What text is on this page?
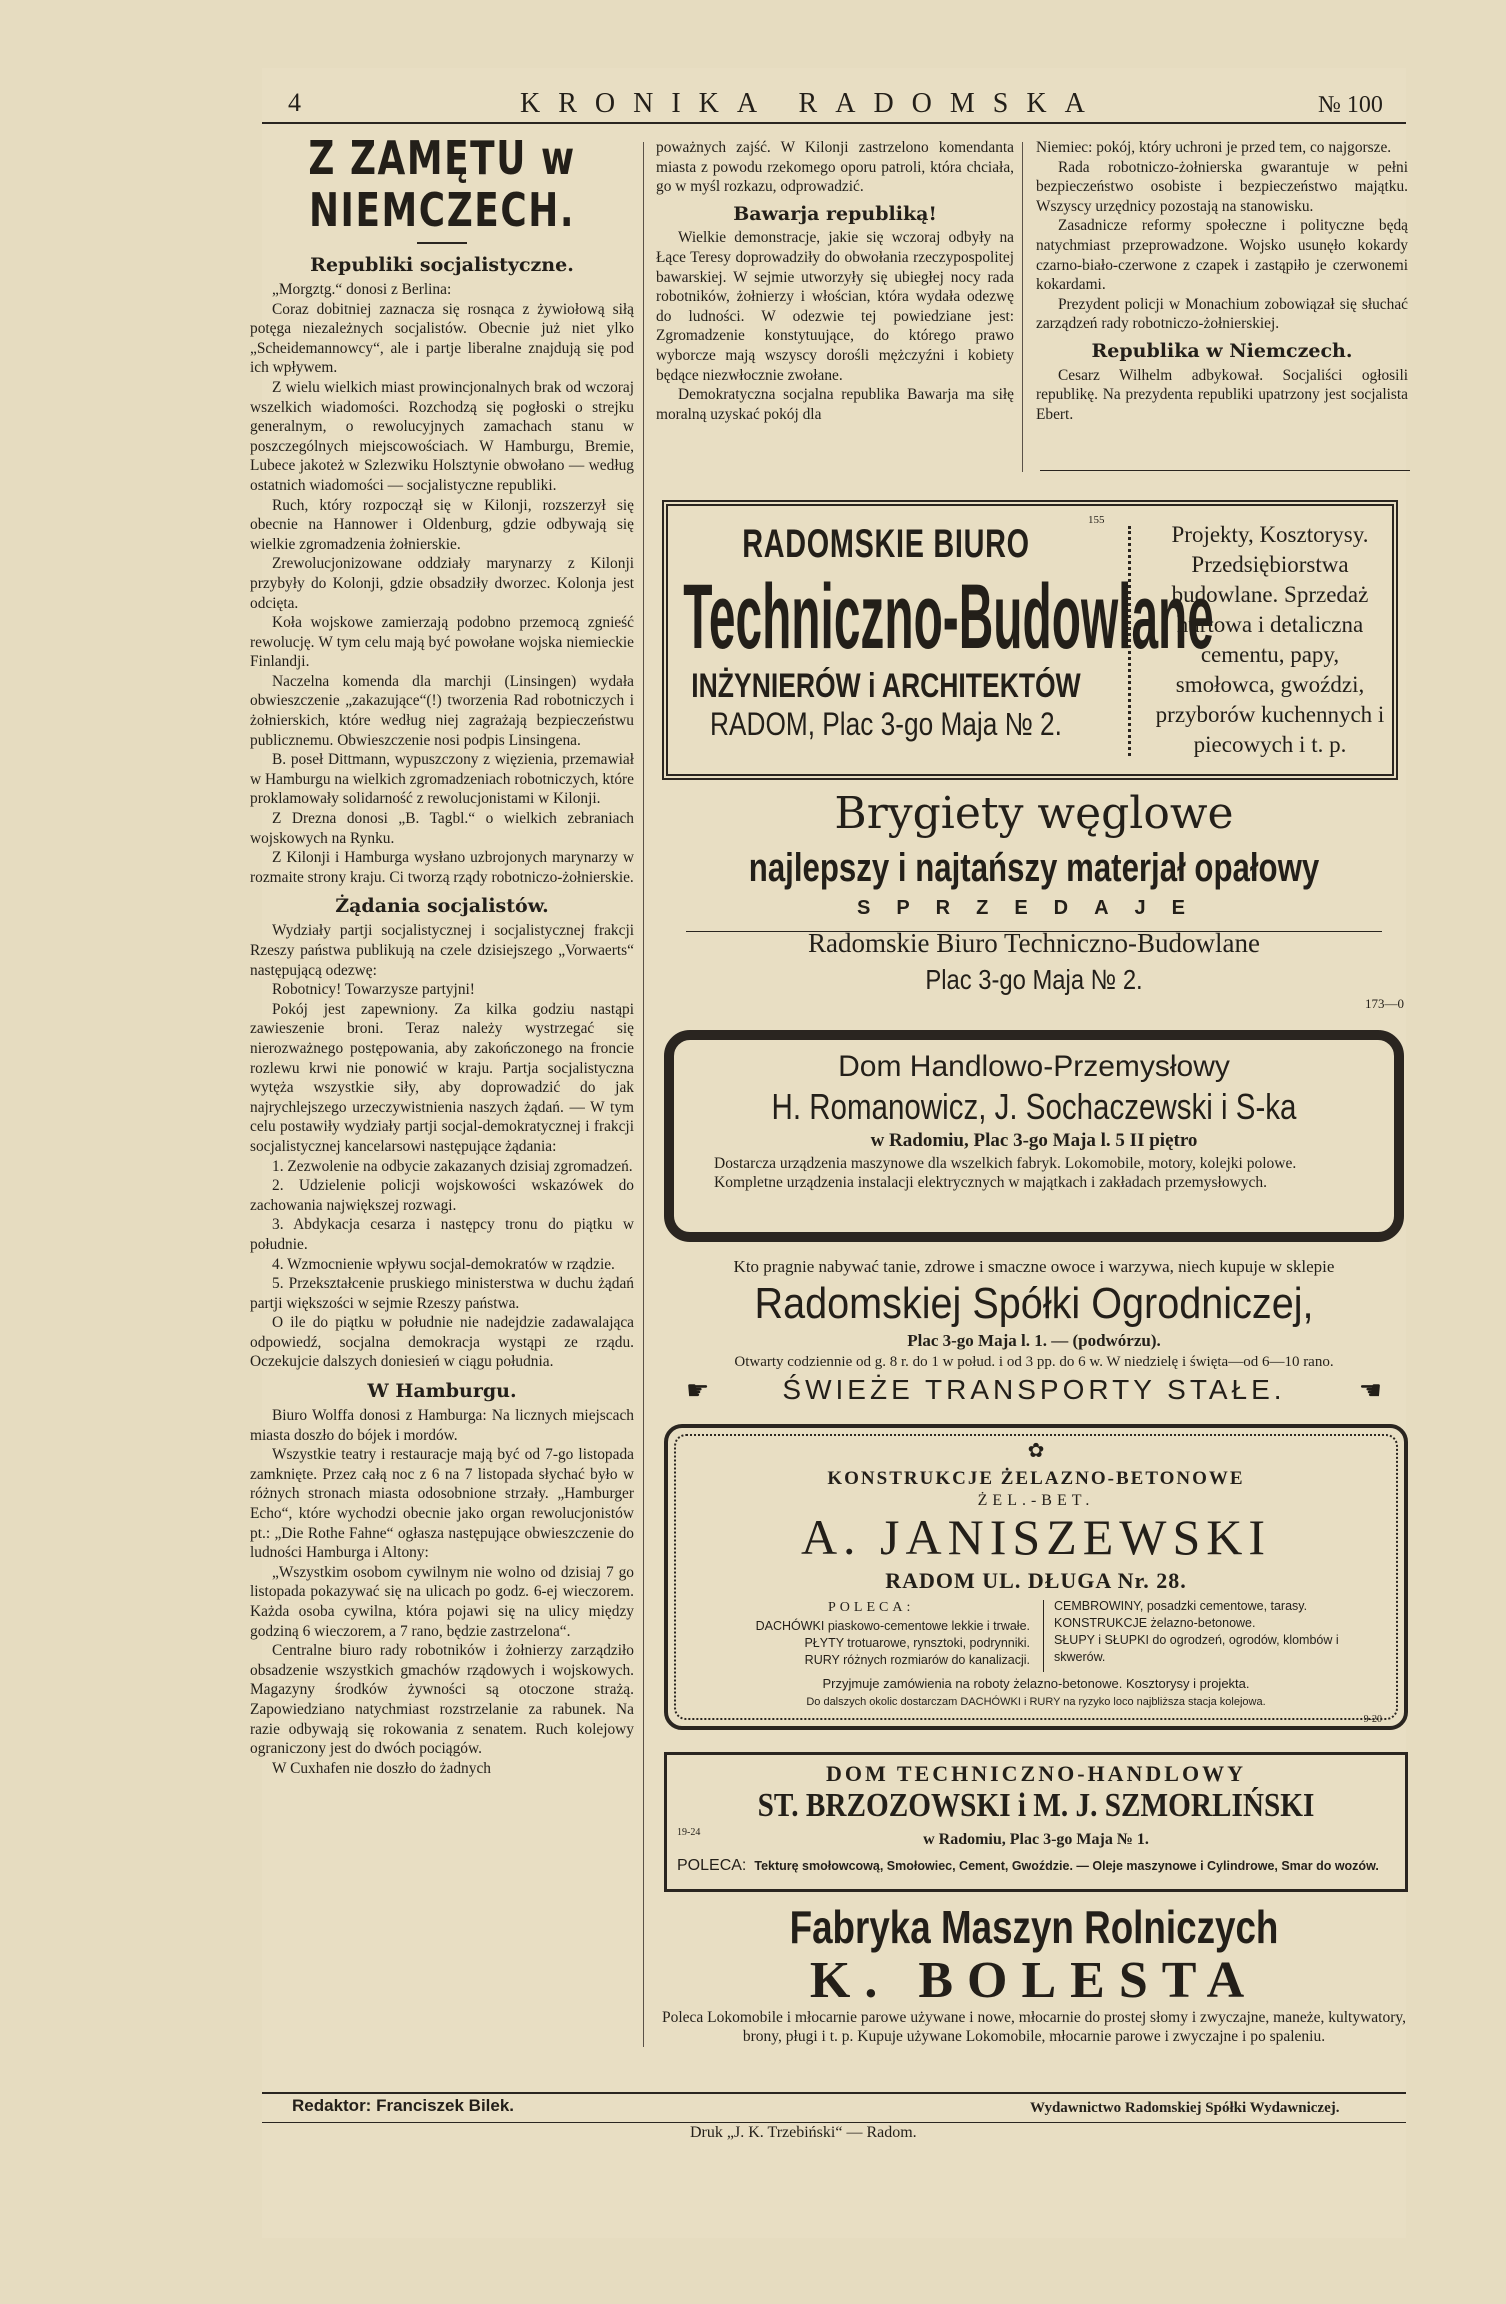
4	KRONIKA RADOMSKA	№ 100
Z ZAMĘTU w NIEMCZECH.
Republiki socjalistyczne.

„Morgztg.“ donosi z Berlina:

Coraz dobitniej zaznacza się rosnąca z żywiołową siłą potęga niezależnych socjalistów. Obecnie już niet ylko „Scheidemannowcy“, ale i partje liberalne znajdują się pod ich wpływem.

Z wielu wielkich miast prowincjonalnych brak od wczoraj wszelkich wiadomości. Rozchodzą się pogłoski o strejku generalnym, o rewolucyjnych zamachach stanu w poszczególnych miejscowościach. W Hamburgu, Bremie, Lubece jakoteż w Szlezwiku Holsztynie obwołano — według ostatnich wiadomości — socjalistyczne republiki.

Ruch, który rozpoczął się w Kilonji, rozszerzył się obecnie na Hannower i Oldenburg, gdzie odbywają się wielkie zgromadzenia żołnierskie.

Zrewolucjonizowane oddziały marynarzy z Kilonji przybyły do Kolonji, gdzie obsadziły dworzec. Kolonja jest odcięta.

Koła wojskowe zamierzają podobno przemocą zgnieść rewolucję. W tym celu mają być powołane wojska niemieckie Finlandji.

Naczelna komenda dla marchji (Linsingen) wydała obwieszczenie „zakazujące“(!) tworzenia Rad robotniczych i żołnierskich, które według niej zagrażają bezpieczeństwu publicznemu. Obwieszczenie nosi podpis Linsingena.

B. poseł Dittmann, wypuszczony z więzienia, przemawiał w Hamburgu na wielkich zgromadzeniach robotniczych, które proklamowały solidarność z rewolucjonistami w Kilonji.

Z Drezna donosi „B. Tagbl.“ o wielkich zebraniach wojskowych na Rynku.

Z Kilonji i Hamburga wysłano uzbrojonych marynarzy w rozmaite strony kraju. Ci tworzą rządy robotniczo-żołnierskie.

Żądania socjalistów.

Wydziały partji socjalistycznej i socjalistycznej frakcji Rzeszy państwa publikują na czele dzisiejszego „Vorwaerts“ następującą odezwę:

Robotnicy! Towarzysze partyjni!

Pokój jest zapewniony. Za kilka godziu nastąpi zawieszenie broni. Teraz należy wystrzegać się nierozważnego postępowania, aby zakończonego na froncie rozlewu krwi nie ponowić w kraju. Partja socjalistyczna wytęża wszystkie siły, aby doprowadzić do jak najrychlejszego urzeczywistnienia naszych żądań. — W tym celu postawiły wydziały partji socjal-demokratycznej i frakcji socjalistycznej kancelarsowi następujące żądania:

1. Zezwolenie na odbycie zakazanych dzisiaj zgromadzeń.

2. Udzielenie policji wojskowości wskazówek do zachowania największej rozwagi.

3. Abdykacja cesarza i następcy tronu do piątku w południe.

4. Wzmocnienie wpływu socjal-demokratów w rządzie.

5. Przekształcenie pruskiego ministerstwa w duchu żądań partji większości w sejmie Rzeszy państwa.

O ile do piątku w południe nie nadejdzie zadawalająca odpowiedź, socjalna demokracja wystąpi ze rządu. Oczekujcie dalszych doniesień w ciągu południa.

W Hamburgu.

Biuro Wolffa donosi z Hamburga: Na licznych miejscach miasta doszło do bójek i mordów.

Wszystkie teatry i restauracje mają być od 7-go listopada zamknięte. Przez całą noc z 6 na 7 listopada słychać było w różnych stronach miasta odosobnione strzały. „Hamburger Echo“, które wychodzi obecnie jako organ rewolucjonistów pt.: „Die Rothe Fahne“ ogłasza następujące obwieszczenie do ludności Hamburga i Altony:

„Wszystkim osobom cywilnym nie wolno od dzisiaj 7 go listopada pokazywać się na ulicach po godz. 6-ej wieczorem. Każda osoba cywilna, która pojawi się na ulicy między godziną 6 wieczorem, a 7 rano, będzie zastrzelona“.

Centralne biuro rady robotników i żołnierzy zarządziło obsadzenie wszystkich gmachów rządowych i wojskowych. Magazyny środków żywności są otoczone strażą. Zapowiedziano natychmiast rozstrzelanie za rabunek. Na razie odbywają się rokowania z senatem. Ruch kolejowy ograniczony jest do dwóch pociągów.

W Cuxhafen nie doszło do żadnych

poważnych zajść. W Kilonji zastrzelono komendanta miasta z powodu rzekomego oporu patroli, która chciała, go w myśl rozkazu, odprowadzić.

Bawarja republiką!

Wielkie demonstracje, jakie się wczoraj odbyły na Łące Teresy doprowadziły do obwołania rzeczypospolitej bawarskiej. W sejmie utworzyły się ubiegłej nocy rada robotników, żołnierzy i włościan, która wydała odezwę do ludności. W odezwie tej powiedziane jest: Zgromadzenie konstytuujące, do którego prawo wyborcze mają wszyscy dorośli mężczyźni i kobiety będące niezwłocznie zwołane.

Demokratyczna socjalna republika Bawarja ma siłę moralną uzyskać pokój dla

Niemiec: pokój, który uchroni je przed tem, co najgorsze.

Rada robotniczo-żołnierska gwarantuje w pełni bezpieczeństwo osobiste i bezpieczeństwo majątku. Wszyscy urzędnicy pozostają na stanowisku.

Zasadnicze reformy społeczne i polityczne będą natychmiast przeprowadzone. Wojsko usunęło kokardy czarno-biało-czerwone z czapek i zastąpiło je czerwonemi kokardami.

Prezydent policji w Monachium zobowiązał się słuchać zarządzeń rady robotniczo-żołnierskiej.

Republika w Niemczech.

Cesarz Wilhelm adbykował. Socjaliści ogłosili republikę. Na prezydenta republiki upatrzony jest socjalista Ebert.

RADOMSKIE BIURO
Techniczno-Budowlane
INŻYNIERÓW i ARCHITEKTÓW
RADOM, Plac 3-go Maja № 2.
155
Projekty, Kosztorysy. Przedsiębiorstwa budowlane. Sprzedaż hurtowa i detaliczna cementu, papy, smołowca, gwoździ, przyborów kuchennych i piecowych i t. p.
Brygiety węglowe
najlepszy i najtańszy materjał opałowy
SPRZEDAJE
Radomskie Biuro Techniczno-Budowlane
Plac 3-go Maja № 2.
173—0
Dom Handlowo-Przemysłowy
H. Romanowicz, J. Sochaczewski i S-ka
w Radomiu, Plac 3-go Maja l. 5 II piętro
Dostarcza urządzenia maszynowe dla wszelkich fabryk. Lokomobile, motory, kolejki polowe. Kompletne urządzenia instalacji elektrycznych w majątkach i zakładach przemysłowych.
Kto pragnie nabywać tanie, zdrowe i smaczne owoce i warzywa, niech kupuje w sklepie
Radomskiej Spółki Ogrodniczej,
Plac 3-go Maja l. 1. — (podwórzu).
Otwarty codziennie od g. 8 r. do 1 w połud. i od 3 pp. do 6 w. W niedzielę i święta—od 6—10 rano.
☛	ŚWIEŻE TRANSPORTY STAŁE.	☚
✿
KONSTRUKCJE ŻELAZNO-BETONOWE
ŻEL.-BET.
A. JANISZEWSKI
RADOM UL. DŁUGA Nr. 28.
POLECA:
DACHÓWKI piaskowo-cementowe lekkie i trwałe.
PŁYTY trotuarowe, rynsztoki, podrynniki.
RURY różnych rozmiarów do kanalizacji.
CEMBROWINY, posadzki cementowe, tarasy.
KONSTRUKCJE żelazno-betonowe.
SŁUPY i SŁUPKI do ogrodzeń, ogrodów, klombów i skwerów.
Przyjmuje zamówienia na roboty żelazno-betonowe. Kosztorysy i projekta.
Do dalszych okolic dostarczam DACHÓWKI i RURY na ryzyko loco najbliższa stacja kolejowa.
9-20
DOM TECHNICZNO-HANDLOWY
ST. BRZOZOWSKI i M. J. SZMORLIŃSKI
19-24	w Radomiu, Plac 3-go Maja № 1.
POLECA: Tekturę smołowcową, Smołowiec, Cement, Gwoździe. — Oleje maszynowe i Cylindrowe, Smar do wozów.
Fabryka Maszyn Rolniczych
K. BOLESTA
Poleca Lokomobile i młocarnie parowe używane i nowe, młocarnie do prostej słomy i zwyczajne, maneże, kultywatory, brony, pługi i t. p. Kupuje używane Lokomobile, młocarnie parowe i zwyczajne i po spaleniu.
Redaktor: Franciszek Bilek.	Wydawnictwo Radomskiej Spółki Wydawniczej.
Druk „J. K. Trzebiński“ — Radom.
